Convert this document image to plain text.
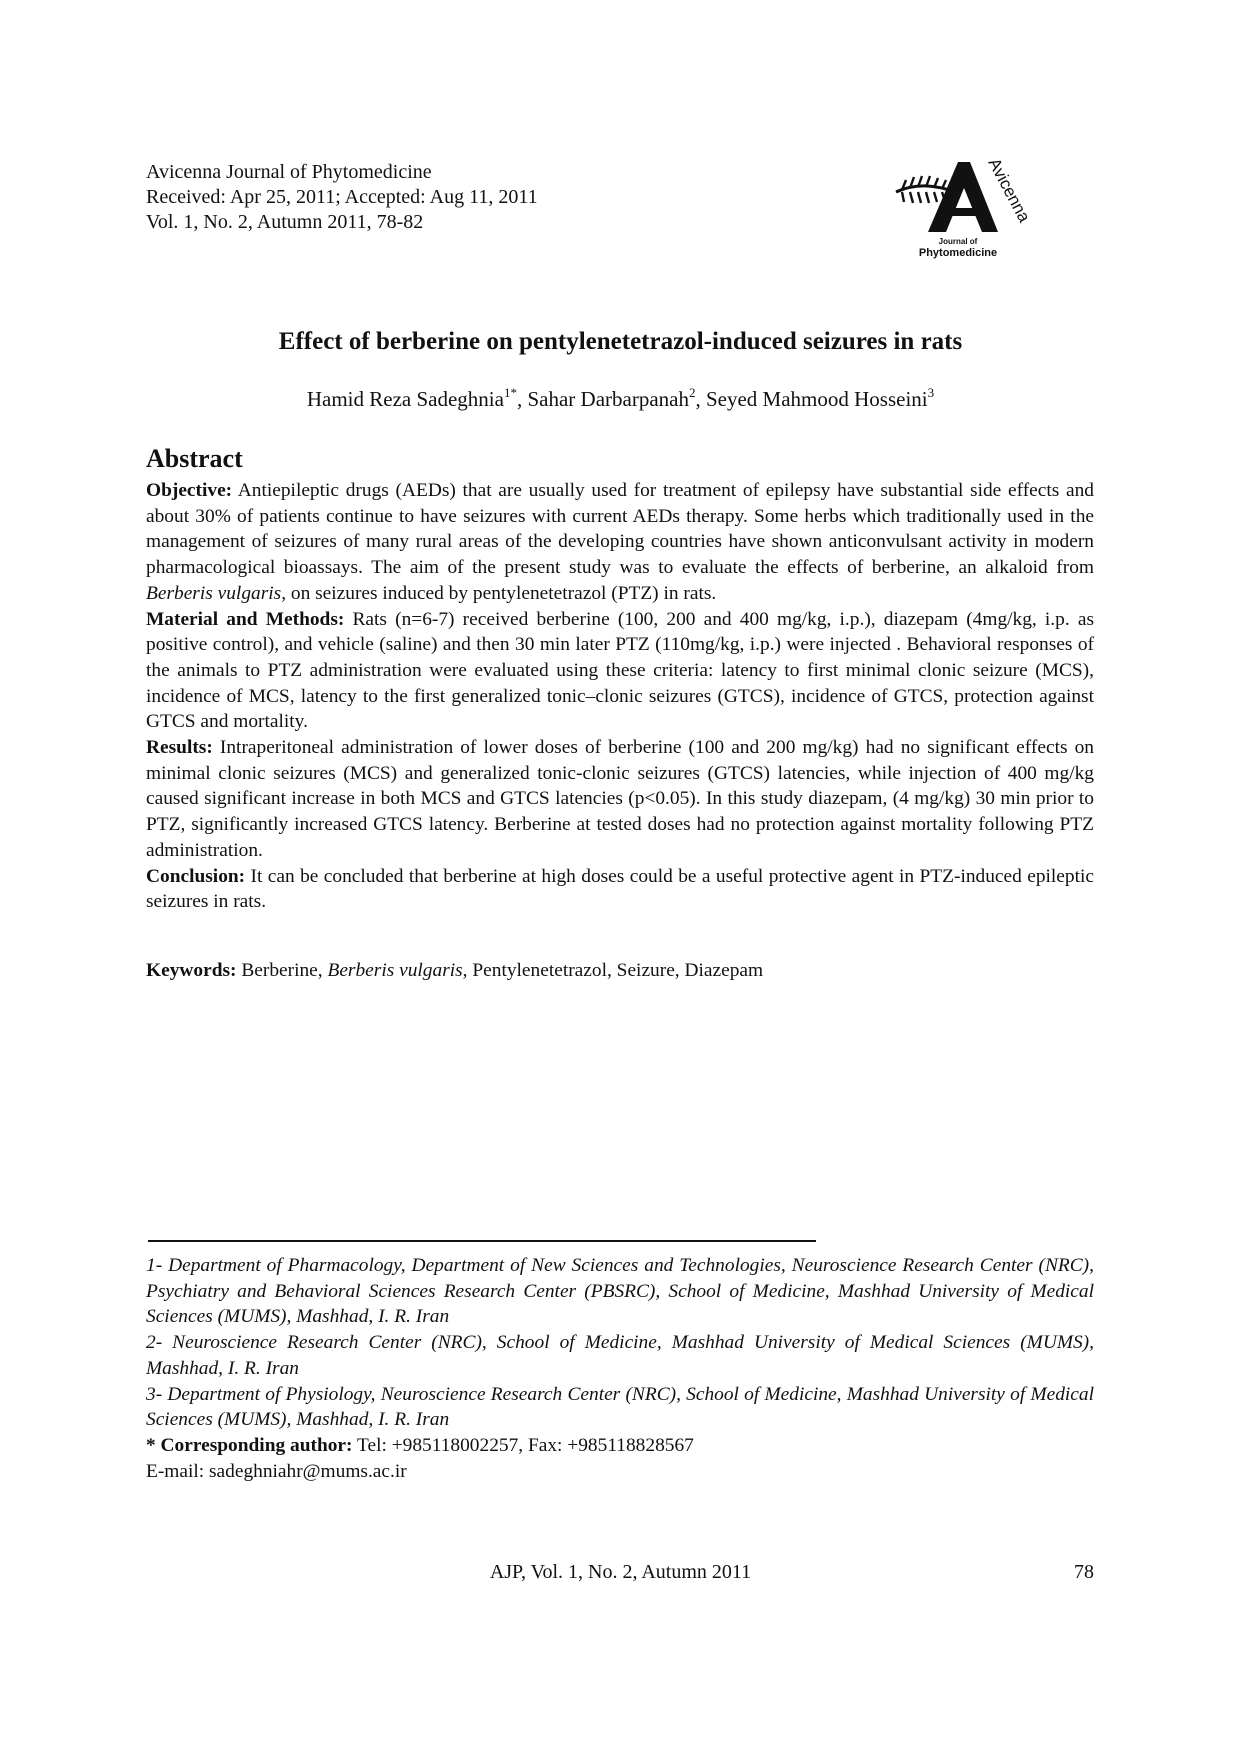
Avicenna Journal of Phytomedicine
Received: Apr 25, 2011; Accepted: Aug 11, 2011
Vol. 1, No. 2, Autumn 2011, 78-82	Avicenna
Journal of
Phytomedicine
Effect of berberine on pentylenetetrazol-induced seizures in rats
Hamid Reza Sadeghnia$^{1*}$, Sahar Darbarpanah$^2$, Seyed Mahmood Hosseini$^3$
Abstract

Objective: Antiepileptic drugs (AEDs) that are usually used for treatment of epilepsy have substantial side effects and about 30% of patients continue to have seizures with current AEDs therapy. Some herbs which traditionally used in the management of seizures of many rural areas of the developing countries have shown anticonvulsant activity in modern pharmacological bioassays. The aim of the present study was to evaluate the effects of berberine, an alkaloid from Berberis vulgaris, on seizures induced by pentylenetetrazol (PTZ) in rats.

Material and Methods: Rats (n=6-7) received berberine (100, 200 and 400 mg/kg, i.p.), diazepam (4mg/kg, i.p. as positive control), and vehicle (saline) and then 30 min later PTZ (110mg/kg, i.p.) were injected . Behavioral responses of the animals to PTZ administration were evaluated using these criteria: latency to first minimal clonic seizure (MCS), incidence of MCS, latency to the first generalized tonic–clonic seizures (GTCS), incidence of GTCS, protection against GTCS and mortality.

Results: Intraperitoneal administration of lower doses of berberine (100 and 200 mg/kg) had no significant effects on minimal clonic seizures (MCS) and generalized tonic-clonic seizures (GTCS) latencies, while injection of 400 mg/kg caused significant increase in both MCS and GTCS latencies (p<0.05). In this study diazepam, (4 mg/kg) 30 min prior to PTZ, significantly increased GTCS latency. Berberine at tested doses had no protection against mortality following PTZ administration.

Conclusion: It can be concluded that berberine at high doses could be a useful protective agent in PTZ-induced epileptic seizures in rats.

Keywords: Berberine, Berberis vulgaris, Pentylenetetrazol, Seizure, Diazepam

1- Department of Pharmacology, Department of New Sciences and Technologies, Neuroscience Research Center (NRC), Psychiatry and Behavioral Sciences Research Center (PBSRC), School of Medicine, Mashhad University of Medical Sciences (MUMS), Mashhad, I. R. Iran

2- Neuroscience Research Center (NRC), School of Medicine, Mashhad University of Medical Sciences (MUMS), Mashhad, I. R. Iran

3- Department of Physiology, Neuroscience Research Center (NRC), School of Medicine, Mashhad University of Medical Sciences (MUMS), Mashhad, I. R. Iran

* Corresponding author: Tel: +985118002257, Fax: +985118828567

E-mail: sadeghniahr@mums.ac.ir

AJP, Vol. 1, No. 2, Autumn 2011	78
